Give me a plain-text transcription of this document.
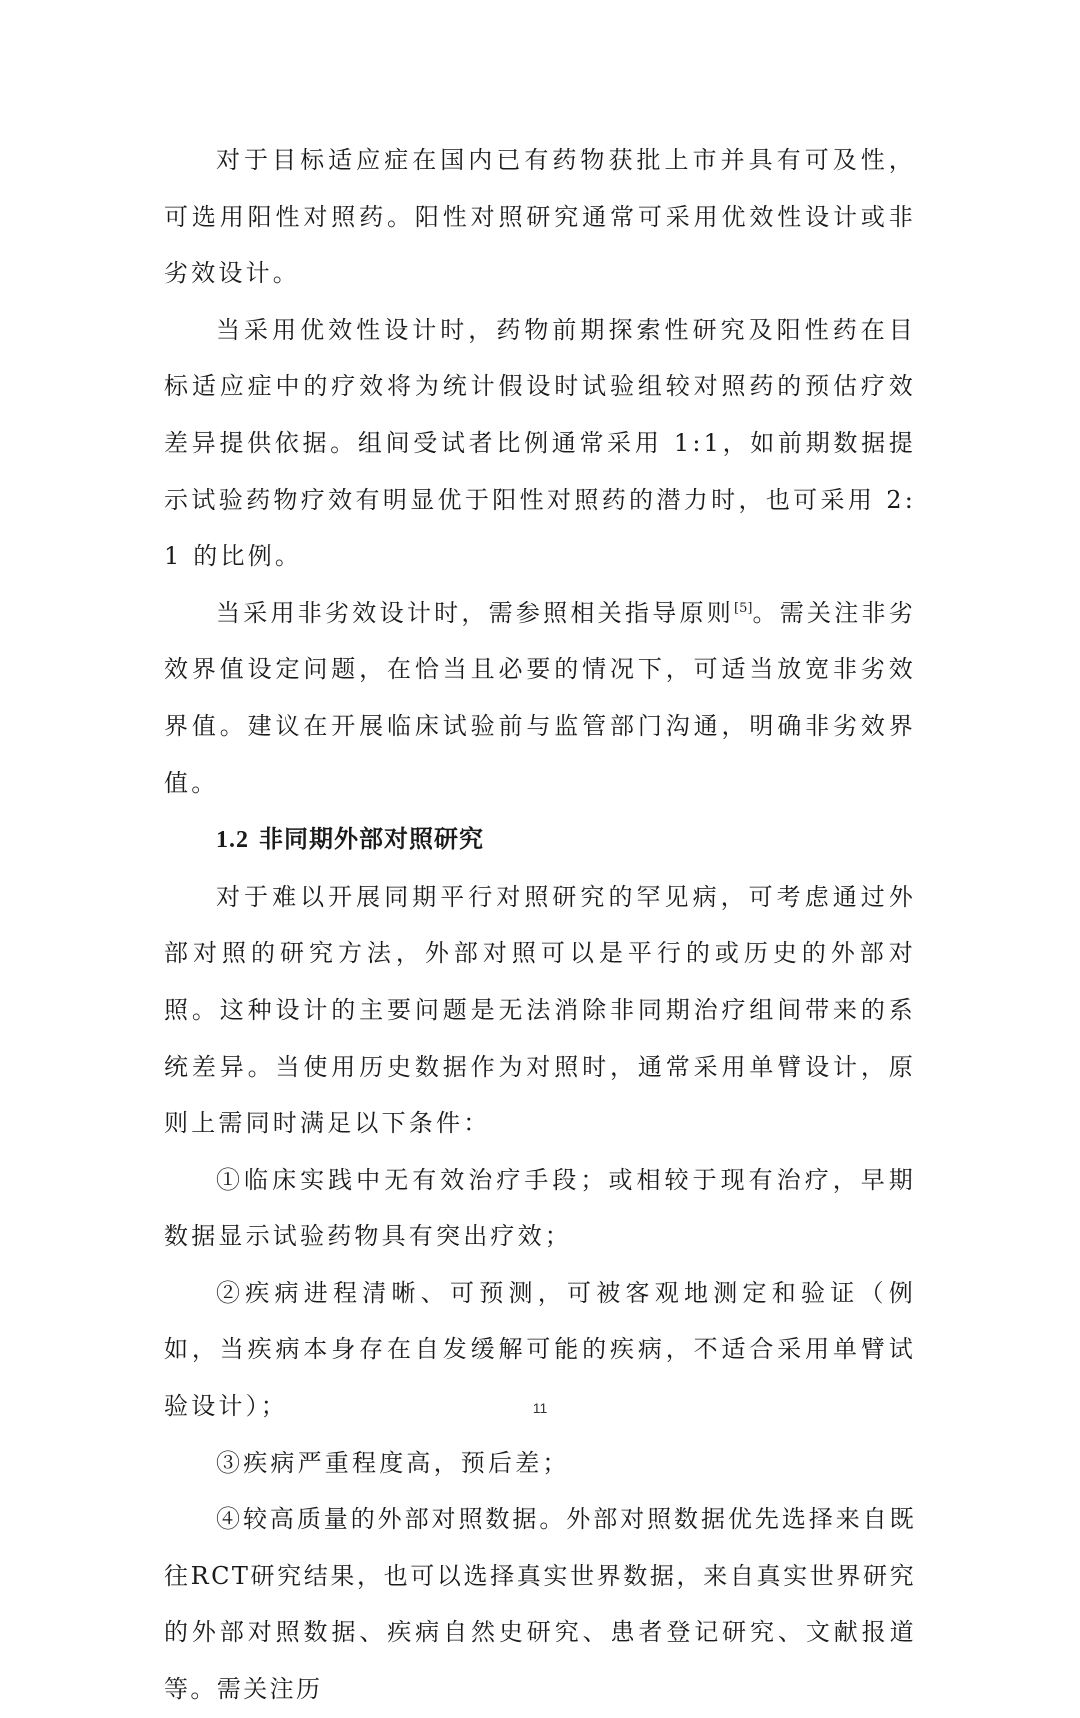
对于目标适应症在国内已有药物获批上市并具有可及性，可选用阳性对照药。阳性对照研究通常可采用优效性设计或非劣效设计。

当采用优效性设计时，药物前期探索性研究及阳性药在目标适应症中的疗效将为统计假设时试验组较对照药的预估疗效差异提供依据。组间受试者比例通常采用 1:1，如前期数据提示试验药物疗效有明显优于阳性对照药的潜力时，也可采用 2:1 的比例。

当采用非劣效设计时，需参照相关指导原则[5]。需关注非劣效界值设定问题，在恰当且必要的情况下，可适当放宽非劣效界值。建议在开展临床试验前与监管部门沟通，明确非劣效界值。

1.2 非同期外部对照研究

对于难以开展同期平行对照研究的罕见病，可考虑通过外部对照的研究方法，外部对照可以是平行的或历史的外部对照。这种设计的主要问题是无法消除非同期治疗组间带来的系统差异。当使用历史数据作为对照时，通常采用单臂设计，原则上需同时满足以下条件：

①临床实践中无有效治疗手段；或相较于现有治疗，早期数据显示试验药物具有突出疗效；

②疾病进程清晰、可预测，可被客观地测定和验证（例如，当疾病本身存在自发缓解可能的疾病，不适合采用单臂试验设计）；

③疾病严重程度高，预后差；

④较高质量的外部对照数据。外部对照数据优先选择来自既往RCT研究结果，也可以选择真实世界数据，来自真实世界研究的外部对照数据、疾病自然史研究、患者登记研究、文献报道等。需关注历

11
